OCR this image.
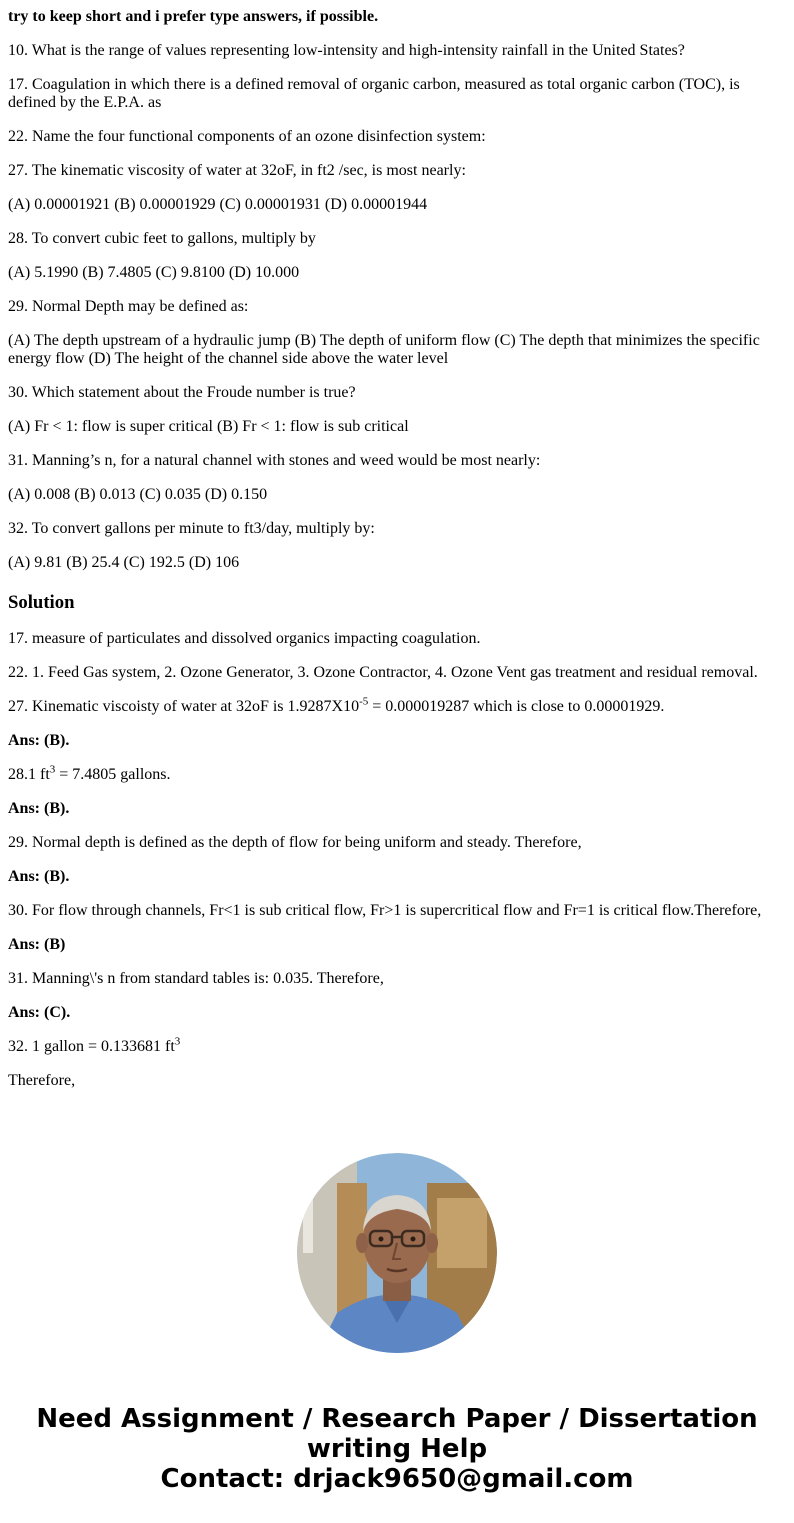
try to keep short and i prefer type answers, if possible.

10. What is the range of values representing low-intensity and high-intensity rainfall in the United States?

17. Coagulation in which there is a defined removal of organic carbon, measured as total organic carbon (TOC), is defined by the E.P.A. as

22. Name the four functional components of an ozone disinfection system:

27. The kinematic viscosity of water at 32oF, in ft2 /sec, is most nearly:

(A) 0.00001921 (B) 0.00001929 (C) 0.00001931 (D) 0.00001944

28. To convert cubic feet to gallons, multiply by

(A) 5.1990 (B) 7.4805 (C) 9.8100 (D) 10.000

29. Normal Depth may be defined as:

(A) The depth upstream of a hydraulic jump (B) The depth of uniform flow (C) The depth that minimizes the specific energy flow (D) The height of the channel side above the water level

30. Which statement about the Froude number is true?

(A) Fr < 1: flow is super critical (B) Fr < 1: flow is sub critical

31. Manning’s n, for a natural channel with stones and weed would be most nearly:

(A) 0.008 (B) 0.013 (C) 0.035 (D) 0.150

32. To convert gallons per minute to ft3/day, multiply by:

(A) 9.81 (B) 25.4 (C) 192.5 (D) 106

Solution

17. measure of particulates and dissolved organics impacting coagulation.

22. 1. Feed Gas system, 2. Ozone Generator, 3. Ozone Contractor, 4. Ozone Vent gas treatment and residual removal.

27. Kinematic viscoisty of water at 32oF is $1.9287X10^{-5} = 0.000019287$ which is close to 0.00001929.

Ans: (B).

28.1 $ft^3 = 7.4805$ gallons.

Ans: (B).

29. Normal depth is defined as the depth of flow for being uniform and steady. Therefore,

Ans: (B).

30. For flow through channels, Fr<1 is sub critical flow, Fr>1 is supercritical flow and Fr=1 is critical flow.Therefore,

Ans: (B)

31. Manning\'s n from standard tables is: 0.035. Therefore,

Ans: (C).

32. 1 gallon = 0.133681 $ft^3$

Therefore,

Need Assignment / Research Paper / Dissertation
writing Help
Contact: drjack9650@gmail.com
